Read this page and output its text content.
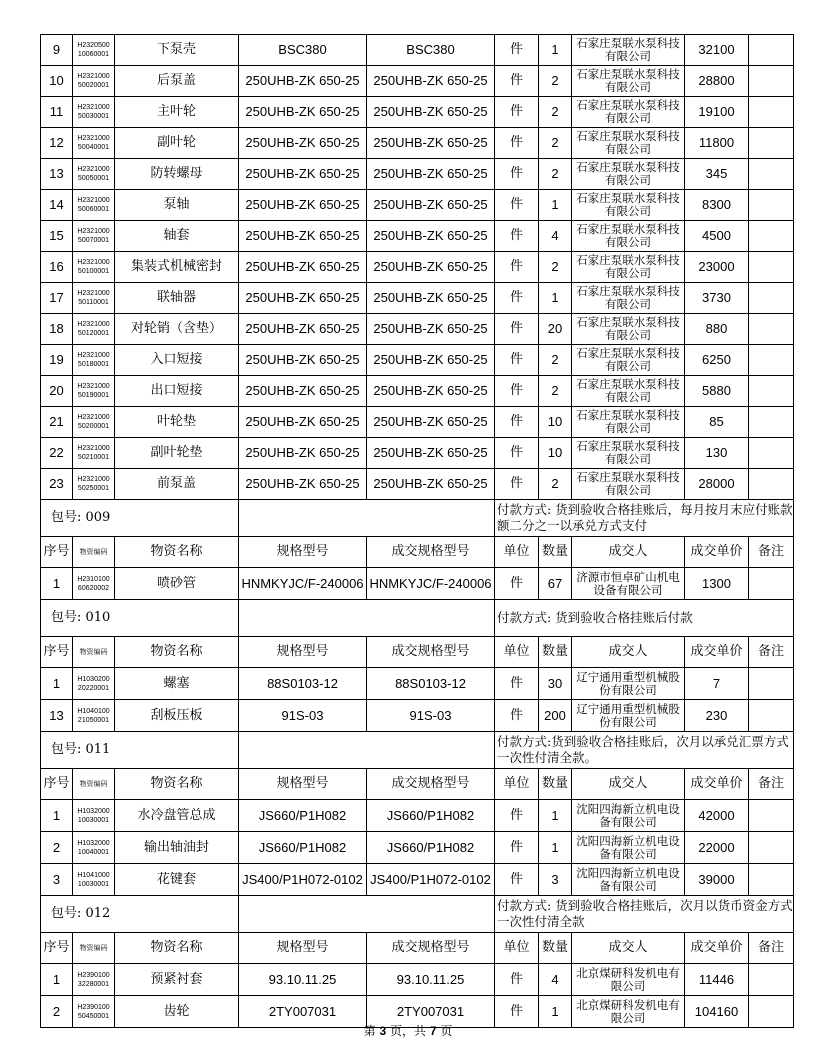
9	H2320500 10060001	下泵壳	BSC380	BSC380	件	1	石家庄泵联水泵科技有限公司	32100	
10	H2321000 50020001	后泵盖	250UHB-ZK 650-25	250UHB-ZK 650-25	件	2	石家庄泵联水泵科技有限公司	28800	
11	H2321000 50030001	主叶轮	250UHB-ZK 650-25	250UHB-ZK 650-25	件	2	石家庄泵联水泵科技有限公司	19100	
12	H2321000 50040001	副叶轮	250UHB-ZK 650-25	250UHB-ZK 650-25	件	2	石家庄泵联水泵科技有限公司	11800	
13	H2321000 50050001	防转螺母	250UHB-ZK 650-25	250UHB-ZK 650-25	件	2	石家庄泵联水泵科技有限公司	345	
14	H2321000 50060001	泵轴	250UHB-ZK 650-25	250UHB-ZK 650-25	件	1	石家庄泵联水泵科技有限公司	8300	
15	H2321000 50070001	轴套	250UHB-ZK 650-25	250UHB-ZK 650-25	件	4	石家庄泵联水泵科技有限公司	4500	
16	H2321000 50100001	集装式机械密封	250UHB-ZK 650-25	250UHB-ZK 650-25	件	2	石家庄泵联水泵科技有限公司	23000	
17	H2321000 50110001	联轴器	250UHB-ZK 650-25	250UHB-ZK 650-25	件	1	石家庄泵联水泵科技有限公司	3730	
18	H2321000 50120001	对轮销（含垫）	250UHB-ZK 650-25	250UHB-ZK 650-25	件	20	石家庄泵联水泵科技有限公司	880	
19	H2321000 50180001	入口短接	250UHB-ZK 650-25	250UHB-ZK 650-25	件	2	石家庄泵联水泵科技有限公司	6250	
20	H2321000 50190001	出口短接	250UHB-ZK 650-25	250UHB-ZK 650-25	件	2	石家庄泵联水泵科技有限公司	5880	
21	H2321000 50200001	叶轮垫	250UHB-ZK 650-25	250UHB-ZK 650-25	件	10	石家庄泵联水泵科技有限公司	85	
22	H2321000 50210001	副叶轮垫	250UHB-ZK 650-25	250UHB-ZK 650-25	件	10	石家庄泵联水泵科技有限公司	130	
23	H2321000 50250001	前泵盖	250UHB-ZK 650-25	250UHB-ZK 650-25	件	2	石家庄泵联水泵科技有限公司	28000	
包号: 009					付款方式: 货到验收合格挂账后，每月按月末应付账款额二分之一以承兑方式支付				
序号	物资编码	物资名称	规格型号	成交规格型号	单位	数量	成交人	成交单价	备注
1	H2310100 60620002	喷砂管	HNMKYJC/F-240006	HNMKYJC/F-240006	件	67	济源市恒卓矿山机电设备有限公司	1300	
包号: 010					付款方式: 货到验收合格挂账后付款				
序号	物资编码	物资名称	规格型号	成交规格型号	单位	数量	成交人	成交单价	备注
1	H1030200 20220001	螺塞	88S0103-12	88S0103-12	件	30	辽宁通用重型机械股份有限公司	7	
13	H1040100 21050001	刮板压板	91S-03	91S-03	件	200	辽宁通用重型机械股份有限公司	230	
包号: 011					付款方式:货到验收合格挂账后，次月以承兑汇票方式一次性付清全款。				
序号	物资编码	物资名称	规格型号	成交规格型号	单位	数量	成交人	成交单价	备注
1	H1032000 10030001	水冷盘管总成	JS660/P1H082	JS660/P1H082	件	1	沈阳四海新立机电设备有限公司	42000	
2	H1032000 10040001	输出轴油封	JS660/P1H082	JS660/P1H082	件	1	沈阳四海新立机电设备有限公司	22000	
3	H1041000 10030001	花键套	JS400/P1H072-0102	JS400/P1H072-0102	件	3	沈阳四海新立机电设备有限公司	39000	
包号: 012					付款方式: 货到验收合格挂账后，次月以货币资金方式一次性付清全款				
序号	物资编码	物资名称	规格型号	成交规格型号	单位	数量	成交人	成交单价	备注
1	H2390100 32280001	预紧衬套	93.10.11.25	93.10.11.25	件	4	北京煤研科发机电有限公司	11446	
2	H2390100 50450001	齿轮	2TY007031	2TY007031	件	1	北京煤研科发机电有限公司	104160	
第 3 页，共 7 页
